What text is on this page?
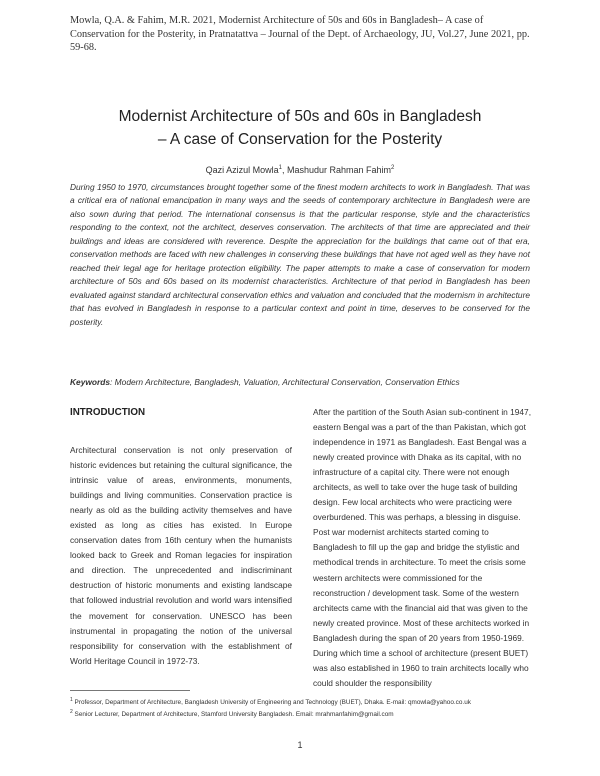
Mowla, Q.A. & Fahim, M.R. 2021, Modernist Architecture of 50s and 60s in Bangladesh– A case of Conservation for the Posterity, in Pratnatattva – Journal of the Dept. of Archaeology, JU, Vol.27, June 2021, pp. 59-68.
Modernist Architecture of 50s and 60s in Bangladesh
– A case of Conservation for the Posterity
Qazi Azizul Mowla$^1$, Mashudur Rahman Fahim$^2$
During 1950 to 1970, circumstances brought together some of the finest modern architects to work in Bangladesh. That was a critical era of national emancipation in many ways and the seeds of contemporary architecture in Bangladesh were are also sown during that period. The international consensus is that the particular response, style and the characteristics responding to the context, not the architect, deserves conservation. The architects of that time are appreciated and their buildings and ideas are considered with reverence. Despite the appreciation for the buildings that came out of that era, conservation methods are faced with new challenges in conserving these buildings that have not aged well as they have not reached their legal age for heritage protection eligibility. The paper attempts to make a case of conservation for modern architecture of 50s and 60s based on its modernist characteristics. Architecture of that period in Bangladesh has been evaluated against standard architectural conservation ethics and valuation and concluded that the modernism in architecture that has evolved in Bangladesh in response to a particular context and point in time, deserves to be conserved for the posterity.
Keywords: Modern Architecture, Bangladesh, Valuation, Architectural Conservation, Conservation Ethics
INTRODUCTION

Architectural conservation is not only preservation of historic evidences but retaining the cultural significance, the intrinsic value of areas, environments, monuments, buildings and living communities. Conservation practice is nearly as old as the building activity themselves and have existed as long as cities has existed. In Europe conservation dates from 16th century when the humanists looked back to Greek and Roman legacies for inspiration and direction. The unprecedented and indiscriminant destruction of historic monuments and existing landscape that followed industrial revolution and world wars intensified the movement for conservation. UNESCO has been instrumental in propagating the notion of the universal responsibility for conservation with the establishment of World Heritage Council in 1972-73.

After the partition of the South Asian sub-continent in 1947, eastern Bengal was a part of the than Pakistan, which got independence in 1971 as Bangladesh. East Bengal was a newly created province with Dhaka as its capital, with no infrastructure of a capital city. There were not enough architects, as well to take over the huge task of building design. Few local architects who were practicing were overburdened. This was perhaps, a blessing in disguise. Post war modernist architects started coming to Bangladesh to fill up the gap and bridge the stylistic and methodical trends in architecture. To meet the crisis some western architects were commissioned for the reconstruction / development task. Some of the western architects came with the financial aid that was given to the newly created province. Most of these architects worked in Bangladesh during the span of 20 years from 1950-1969. During which time a school of architecture (present BUET) was also established in 1960 to train architects locally who could shoulder the responsibility

$^1$ Professor, Department of Architecture, Bangladesh University of Engineering and Technology (BUET), Dhaka. E-mail: qmowla@yahoo.co.uk
$^2$ Senior Lecturer, Department of Architecture, Stamford University Bangladesh. Email: mrahmanfahim@gmail.com
1
